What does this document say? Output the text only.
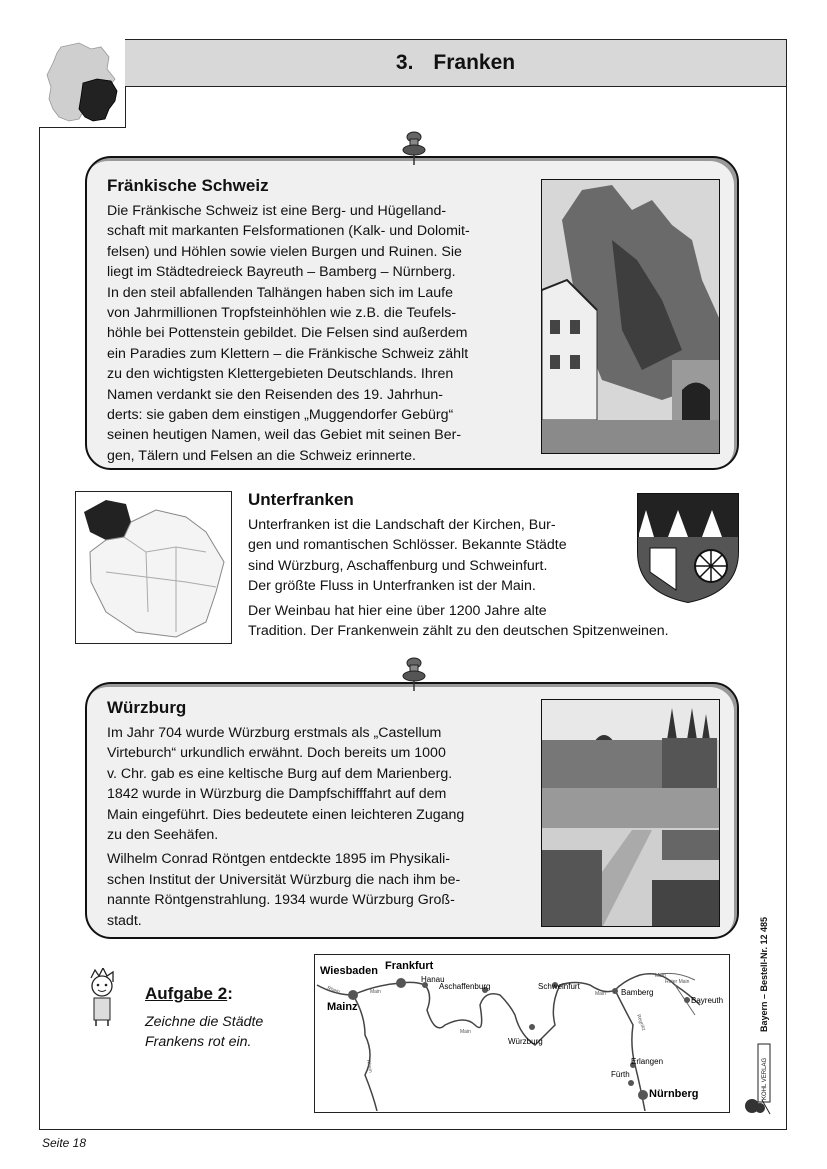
3. Franken
Fränkische Schweiz
Die Fränkische Schweiz ist eine Berg- und Hügelland-
schaft mit markanten Felsformationen (Kalk- und Dolomit-
felsen) und Höhlen sowie vielen Burgen und Ruinen. Sie
liegt im Städtedreieck Bayreuth – Bamberg – Nürnberg.
In den steil abfallenden Talhängen haben sich im Laufe
von Jahrmillionen Tropfsteinhöhlen wie z.B. die Teufels-
höhle bei Pottenstein gebildet. Die Felsen sind außerdem
ein Paradies zum Klettern – die Fränkische Schweiz zählt
zu den wichtigsten Klettergebieten Deutschlands. Ihren
Namen verdankt sie den Reisenden des 19. Jahrhun-
derts: sie gaben dem einstigen „Muggendorfer Gebürg“
seinen heutigen Namen, weil das Gebiet mit seinen Ber-
gen, Tälern und Felsen an die Schweiz erinnerte.
Unterfranken
Unterfranken ist die Landschaft der Kirchen, Bur-
gen und romantischen Schlösser. Bekannte Städte
sind Würzburg, Aschaffenburg und Schweinfurt.
Der größte Fluss in Unterfranken ist der Main.
Der Weinbau hat hier eine über 1200 Jahre alte
Tradition. Der Frankenwein zählt zu den deutschen Spitzenweinen.
Würzburg
Im Jahr 704 wurde Würzburg erstmals als „Castellum
Virteburch“ urkundlich erwähnt. Doch bereits um 1000
v. Chr. gab es eine keltische Burg auf dem Marienberg.
1842 wurde in Würzburg die Dampfschifffahrt auf dem
Main eingeführt. Dies bedeutete einen leichteren Zugang
zu den Seehäfen.
Wilhelm Conrad Röntgen entdeckte 1895 im Physikali-
schen Institut der Universität Würzburg die nach ihm be-
nannte Röntgenstrahlung. 1934 wurde Würzburg Groß-
stadt.
Aufgabe 2:
Zeichne die Städte
Frankens rot ein.
Wiesbaden
Mainz
Frankfurt
Hanau
Aschaffenburg
Würzburg
Schweinfurt
Bamberg
Bayreuth
Erlangen
Fürth
Nürnberg
Rhein	Main
Rhein
Main
Main
Main
Roter Main
Regnitz	Bayern – Bestell-Nr. 12 485
KOHL VERLAG
Seite 18
